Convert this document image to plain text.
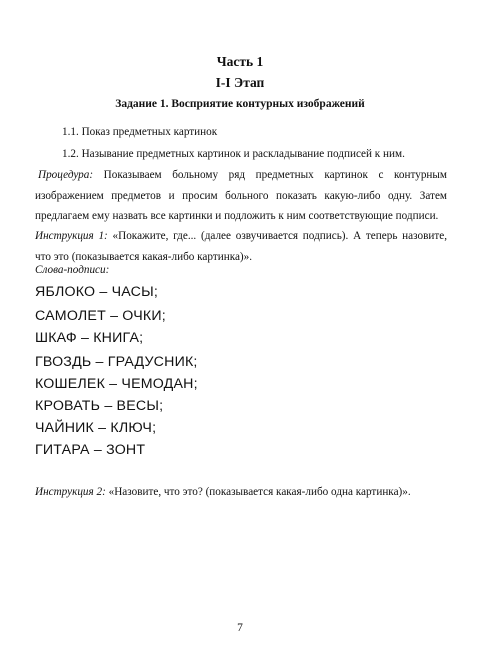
Часть 1
I-I Этап
Задание 1. Восприятие контурных изображений
1.1. Показ предметных картинок
1.2. Называние предметных картинок и раскладывание подписей к ним.
Процедура: Показываем больному ряд предметных картинок с контурным изображением предметов и просим больного показать какую-либо одну. Затем предлагаем ему назвать все картинки и подложить к ним соответствующие подписи.
Инструкция 1: «Покажите, где... (далее озвучивается подпись). А теперь назовите, что это (показывается какая-либо картинка)».
Слова-подписи:
ЯБЛОКО – ЧАСЫ;
САМОЛЕТ – ОЧКИ;
ШКАФ – КНИГА;
ГВОЗДЬ – ГРАДУСНИК;
КОШЕЛЕК – ЧЕМОДАН;
КРОВАТЬ – ВЕСЫ;
ЧАЙНИК – КЛЮЧ;
ГИТАРА – ЗОНТ
Инструкция 2: «Назовите, что это? (показывается какая-либо одна картинка)».
7
